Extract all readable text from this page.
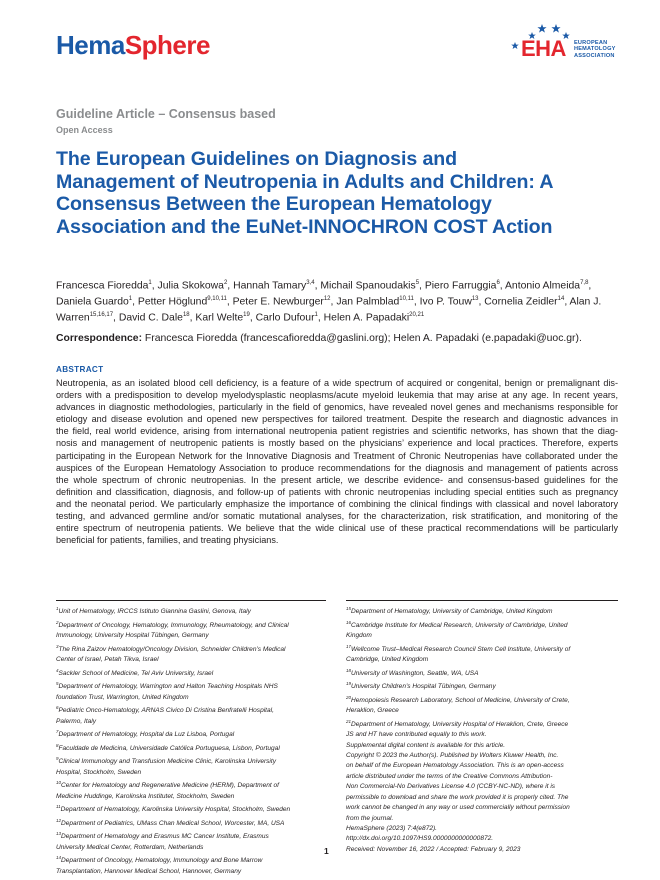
HemaSphere	EHA EUROPEAN
HEMATOLOGY
ASSOCIATION
Guideline Article – Consensus based
Open Access
The European Guidelines on Diagnosis and Management of Neutropenia in Adults and Children: A Consensus Between the European Hematology Association and the EuNet-INNOCHRON COST Action
Francesca Fioredda$^1$, Julia Skokowa$^2$, Hannah Tamary$^{3,4}$, Michail Spanoudakis$^5$, Piero Farruggia$^6$, Antonio Almeida$^{7,8}$, Daniela Guardo$^1$, Petter Höglund$^{9,10,11}$, Peter E. Newburger$^{12}$, Jan Palmblad$^{10,11}$, Ivo P. Touw$^{13}$, Cornelia Zeidler$^{14}$, Alan J. Warren$^{15,16,17}$, David C. Dale$^{18}$, Karl Welte$^{19}$, Carlo Dufour$^1$, Helen A. Papadaki$^{20,21}$
Correspondence: Francesca Fioredda (francescafioredda@gaslini.org); Helen A. Papadaki (e.papadaki@uoc.gr).
ABSTRACT
Neutropenia, as an isolated blood cell deficiency, is a feature of a wide spectrum of acquired or congenital, benign or premalignant dis-
orders with a predisposition to develop myelodysplastic neoplasms/acute myeloid leukemia that may arise at any age. In recent years,
advances in diagnostic methodologies, particularly in the field of genomics, have revealed novel genes and mechanisms responsible for
etiology and disease evolution and opened new perspectives for tailored treatment. Despite the research and diagnostic advances in
the field, real world evidence, arising from international neutropenia patient registries and scientific networks, has shown that the diag-
nosis and management of neutropenic patients is mostly based on the physicians’ experience and local practices. Therefore, experts
participating in the European Network for the Innovative Diagnosis and Treatment of Chronic Neutropenias have collaborated under the
auspices of the European Hematology Association to produce recommendations for the diagnosis and management of patients across
the whole spectrum of chronic neutropenias. In the present article, we describe evidence- and consensus-based guidelines for the
definition and classification, diagnosis, and follow-up of patients with chronic neutropenias including special entities such as pregnancy
and the neonatal period. We particularly emphasize the importance of combining the clinical findings with classical and novel laboratory
testing, and advanced germline and/or somatic mutational analyses, for the characterization, risk stratification, and monitoring of the
entire spectrum of neutropenia patients. We believe that the wide clinical use of these practical recommendations will be particularly
beneficial for patients, families, and treating physicians.
$^1$Unit of Hematology, IRCCS Istituto Giannina Gaslini, Genova, Italy
$^2$Department of Oncology, Hematology, Immunology, Rheumatology, and Clinical
Immunology, University Hospital Tübingen, Germany
$^3$The Rina Zaizov Hematology/Oncology Division, Schneider Children’s Medical
Center of Israel, Petah Tikva, Israel
$^4$Sackler School of Medicine, Tel Aviv University, Israel
$^5$Department of Hematology, Warrington and Halton Teaching Hospitals NHS
foundation Trust, Warrington, United Kingdom
$^6$Pediatric Onco-Hematology, ARNAS Civico Di Cristina Benfratelli Hospital,
Palermo, Italy
$^7$Department of Hematology, Hospital da Luz Lisboa, Portugal
$^8$Faculdade de Medicina, Universidade Católica Portuguesa, Lisbon, Portugal
$^9$Clinical Immunology and Transfusion Medicine Clinic, Karolinska University
Hospital, Stockholm, Sweden
$^{10}$Center for Hematology and Regenerative Medicine (HERM), Department of
Medicine Huddinge, Karolinska Institutet, Stockholm, Sweden
$^{11}$Department of Hematology, Karolinska University Hospital, Stockholm, Sweden
$^{12}$Department of Pediatrics, UMass Chan Medical School, Worcester, MA, USA
$^{13}$Department of Hematology and Erasmus MC Cancer Institute, Erasmus
University Medical Center, Rotterdam, Netherlands
$^{14}$Department of Oncology, Hematology, Immunology and Bone Marrow
Transplantation, Hannover Medical School, Hannover, Germany
$^{15}$Department of Hematology, University of Cambridge, United Kingdom
$^{16}$Cambridge Institute for Medical Research, University of Cambridge, United
Kingdom
$^{17}$Wellcome Trust–Medical Research Council Stem Cell Institute, University of
Cambridge, United Kingdom
$^{18}$University of Washington, Seattle, WA, USA
$^{19}$University Children’s Hospital Tübingen, Germany
$^{20}$Hemopoiesis Research Laboratory, School of Medicine, University of Crete,
Heraklion, Greece
$^{21}$Department of Hematology, University Hospital of Heraklion, Crete, Greece
JS and HT have contributed equally to this work.
Supplemental digital content is available for this article.
Copyright © 2023 the Author(s). Published by Wolters Kluwer Health, Inc.
on behalf of the European Hematology Association. This is an open-access
article distributed under the terms of the Creative Commons Attribution-
Non Commercial-No Derivatives License 4.0 (CCBY-NC-ND), where it is
permissible to download and share the work provided it is properly cited. The
work cannot be changed in any way or used commercially without permission
from the journal.
HemaSphere (2023) 7:4(e872).
http://dx.doi.org/10.1097/HS9.0000000000000872.
Received: November 16, 2022 / Accepted: February 9, 2023
1
